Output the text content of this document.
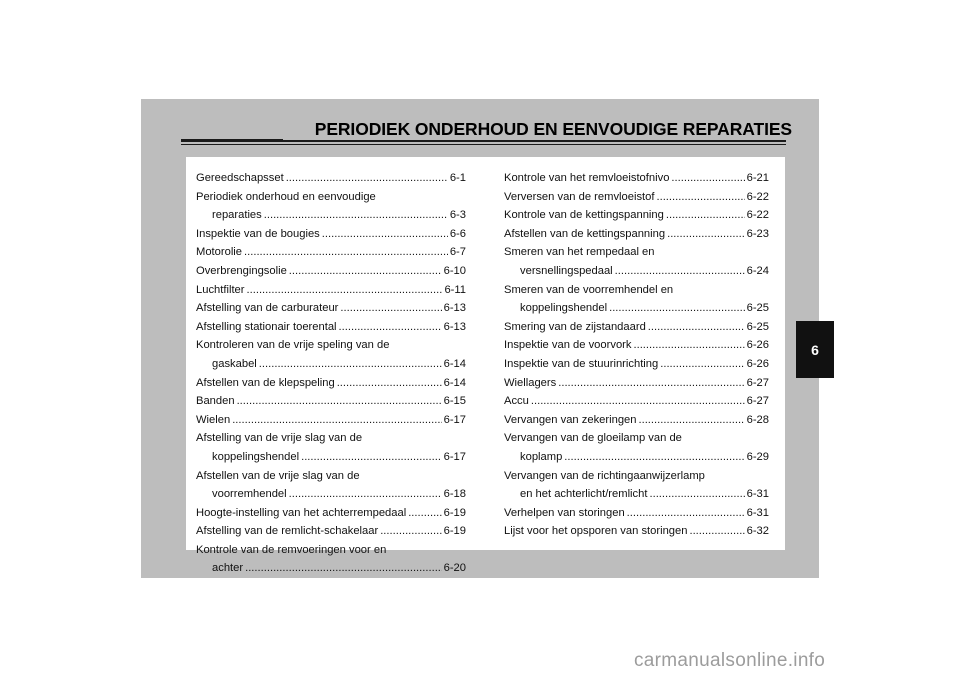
PERIODIEK ONDERHOUD EN EENVOUDIGE REPARATIES
Gereedschapsset .....	6-1
Periodiek onderhoud en eenvoudige
reparaties .....	6-3
Inspektie van de bougies .....	6-6
Motorolie .....	6-7
Overbrengingsolie .....	6-10
Luchtfilter .....	6-11
Afstelling van de carburateur .....	6-13
Afstelling stationair toerental .....	6-13
Kontroleren van de vrije speling van de
gaskabel .....	6-14
Afstellen van de klepspeling .....	6-14
Banden .....	6-15
Wielen .....	6-17
Afstelling van de vrije slag van de
koppelingshendel .....	6-17
Afstellen van de vrije slag van de
voorremhendel .....	6-18
Hoogte-instelling van het achterrempedaal .....	6-19
Afstelling van de remlicht-schakelaar .....	6-19
Kontrole van de remvoeringen voor en
achter .....	6-20
Kontrole van het remvloeistofnivo .....	6-21
Verversen van de remvloeistof .....	6-22
Kontrole van de kettingspanning .....	6-22
Afstellen van de kettingspanning .....	6-23
Smeren van het rempedaal en
versnellingspedaal .....	6-24
Smeren van de voorremhendel en
koppelingshendel .....	6-25
Smering van de zijstandaard .....	6-25
Inspektie van de voorvork .....	6-26
Inspektie van de stuurinrichting .....	6-26
Wiellagers .....	6-27
Accu .....	6-27
Vervangen van zekeringen .....	6-28
Vervangen van de gloeilamp van de
koplamp .....	6-29
Vervangen van de richtingaanwijzerlamp
en het achterlicht/remlicht .....	6-31
Verhelpen van storingen .....	6-31
Lijst voor het opsporen van storingen .....	6-32
6
carmanualsonline.info
